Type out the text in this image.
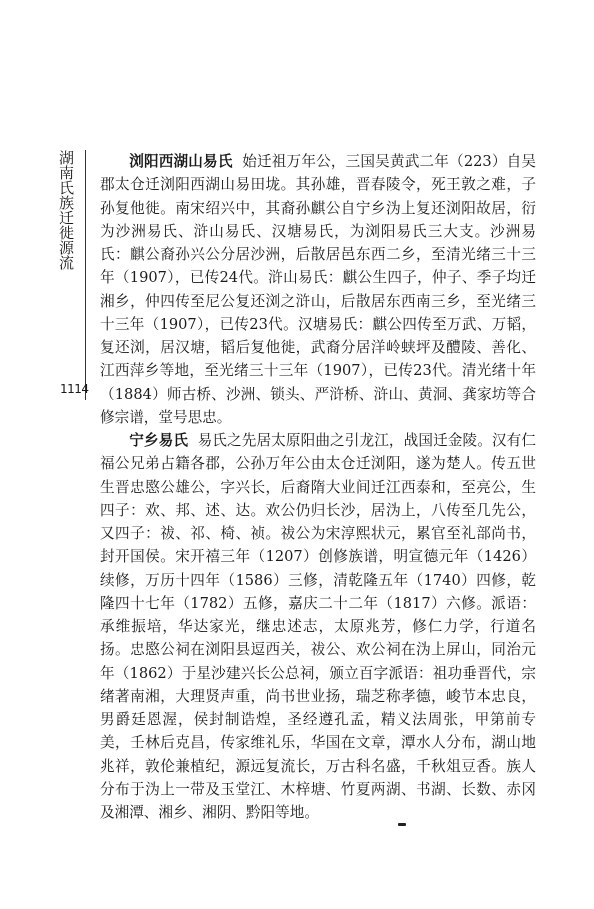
湖南氏族迁徙源流
1114

浏阳西湖山易氏 始迁祖万年公，三国吴黄武二年（223）自吴郡太仓迁浏阳西湖山易田垅。其孙雄，晋春陵令，死王敦之难，子孙复他徙。南宋绍兴中，其裔孙麒公自宁乡沩上复还浏阳故居，衍为沙洲易氏、浒山易氏、汉塘易氏，为浏阳易氏三大支。沙洲易氏：麒公裔孙兴公分居沙洲，后散居邑东西二乡，至清光绪三十三年（1907），已传24代。浒山易氏：麒公生四子，仲子、季子均迁湘乡，仲四传至尼公复还浏之浒山，后散居东西南三乡，至光绪三十三年（1907），已传23代。汉塘易氏：麒公四传至万武、万韬，复还浏，居汉塘，韬后复他徙，武裔分居洋岭蛱坪及醴陵、善化、江西萍乡等地，至光绪三十三年（1907），已传23代。清光绪十年（1884）师古桥、沙洲、锁头、严浒桥、浒山、黄洞、龚家坊等合修宗谱，堂号思忠。

宁乡易氏 易氏之先居太原阳曲之引龙江，战国迁金陵。汉有仁福公兄弟占籍各郡，公孙万年公由太仓迁浏阳，遂为楚人。传五世生晋忠愍公雄公，字兴长，后裔隋大业间迁江西泰和，至亮公，生四子：欢、邦、述、达。欢公仍归长沙，居沩上，八传至几先公，又四子：祓、祁、椅、祯。祓公为宋淳熙状元，累官至礼部尚书，封开国侯。宋开禧三年（1207）创修族谱，明宣德元年（1426）续修，万历十四年（1586）三修，清乾隆五年（1740）四修，乾隆四十七年（1782）五修，嘉庆二十二年（1817）六修。派语：承维振培，华达家光，继忠述志，太原兆芳，修仁力学，行道名扬。忠愍公祠在浏阳县逗西关，祓公、欢公祠在沩上屏山，同治元年（1862）于星沙建兴长公总祠，颁立百字派语：祖功垂晋代，宗绪著南湘，大理贤声重，尚书世业扬，瑞芝称孝德，峻节本忠良，男爵廷恩渥，侯封制诰煌，圣经遵孔孟，精义法周张，甲第前专美，壬林后克昌，传家维礼乐，华国在文章，潭水人分布，湖山地兆祥，敦伦兼植纪，源远复流长，万古科名盛，千秋俎豆香。族人分布于沩上一带及玉堂江、木梓塘、竹夏两湖、书湖、长数、赤冈及湘潭、湘乡、湘阴、黔阳等地。
